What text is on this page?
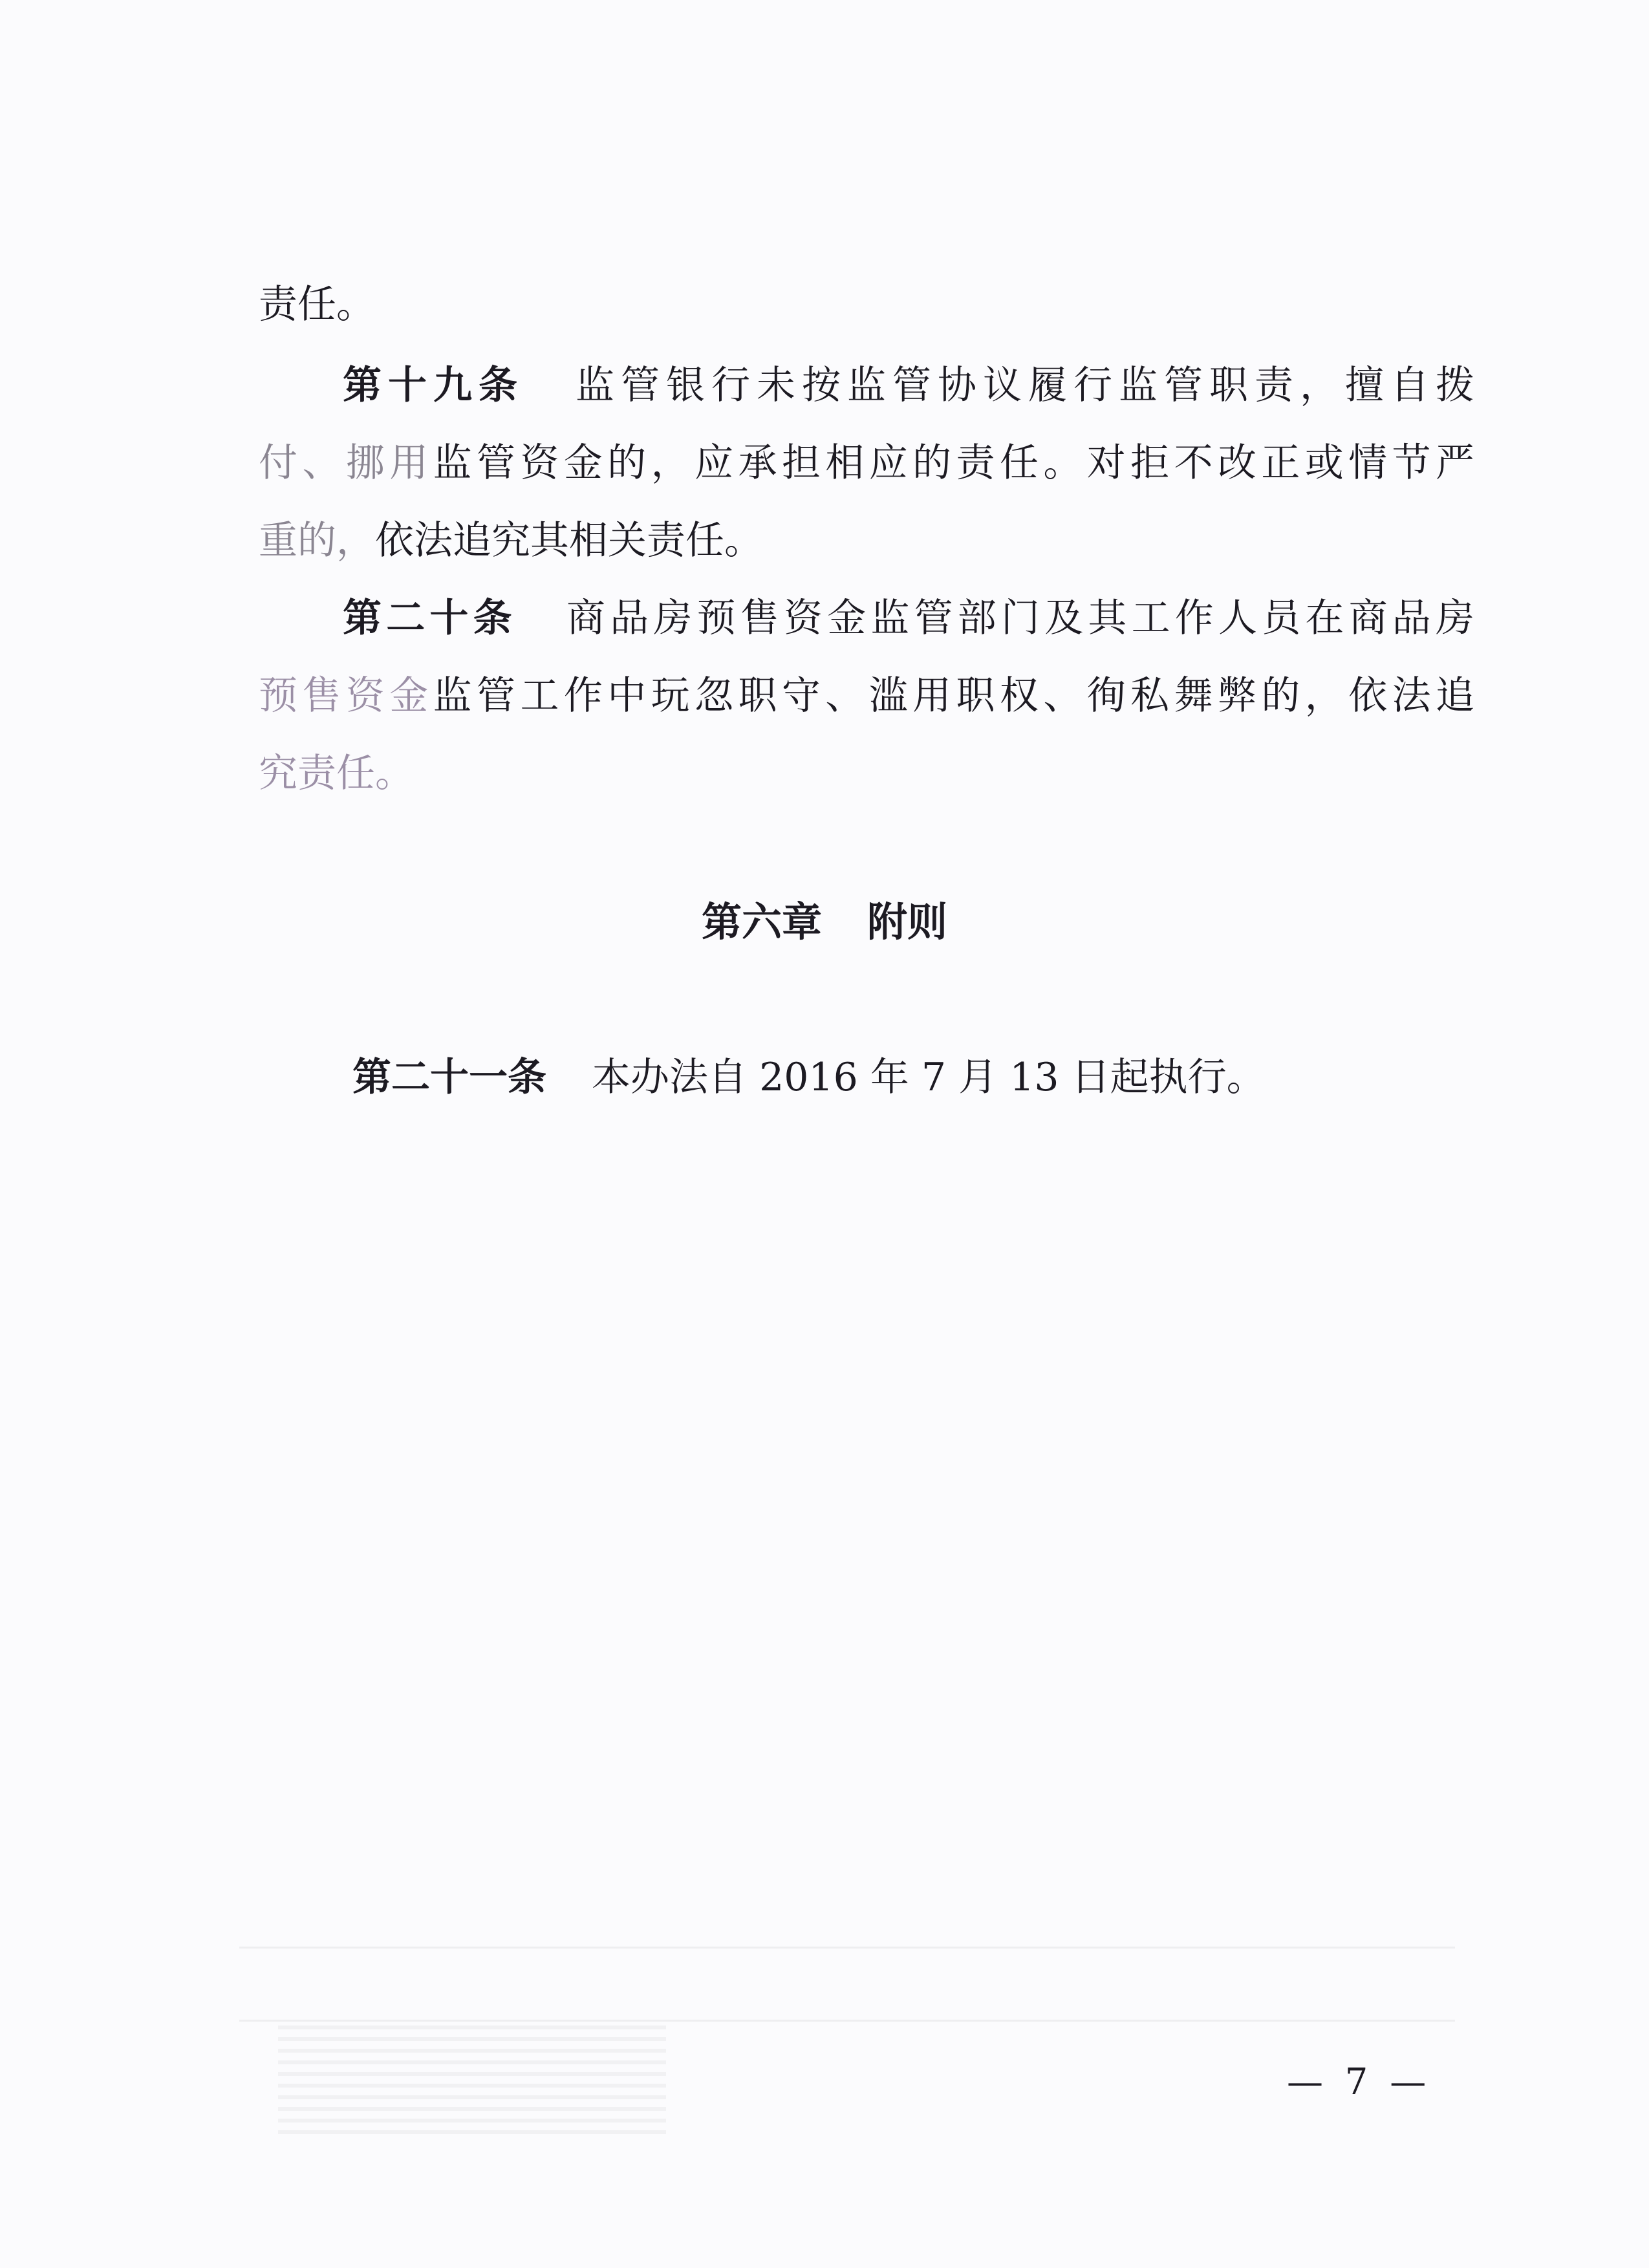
责任。
第十九条 监管银行未按监管协议履行监管职责，擅自拨
付、挪用监管资金的，应承担相应的责任。对拒不改正或情节严
重的，依法追究其相关责任。
第二十条 商品房预售资金监管部门及其工作人员在商品房
预售资金监管工作中玩忽职守、滥用职权、徇私舞弊的，依法追
究责任。
第六章 附则
第二十一条 本办法自 2016 年 7 月 13 日起执行。
— 7 —
